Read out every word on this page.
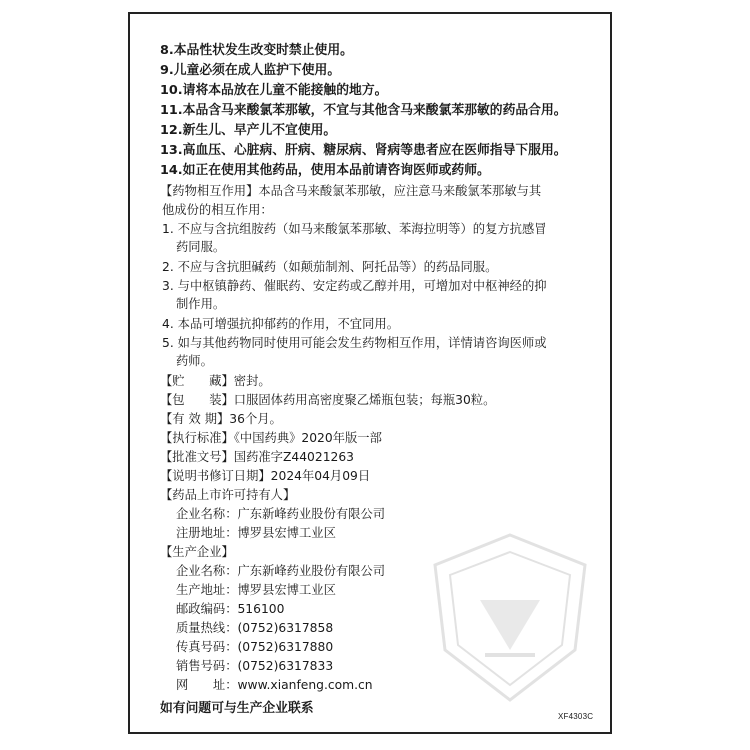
8.本品性状发生改变时禁止使用。
9.儿童必须在成人监护下使用。
10.请将本品放在儿童不能接触的地方。
11.本品含马来酸氯苯那敏，不宜与其他含马来酸氯苯那敏的药品合用。
12.新生儿、早产儿不宜使用。
13.高血压、心脏病、肝病、糖尿病、肾病等患者应在医师指导下服用。
14.如正在使用其他药品，使用本品前请咨询医师或药师。
【药物相互作用】本品含马来酸氯苯那敏，应注意马来酸氯苯那敏与其
他成份的相互作用：
1. 不应与含抗组胺药（如马来酸氯苯那敏、苯海拉明等）的复方抗感冒
药同服。
2. 不应与含抗胆碱药（如颠茄制剂、阿托品等）的药品同服。
3. 与中枢镇静药、催眠药、安定药或乙醇并用，可增加对中枢神经的抑
制作用。
4. 本品可增强抗抑郁药的作用，不宜同用。
5. 如与其他药物同时使用可能会发生药物相互作用，详情请咨询医师或
药师。
【贮　　藏】密封。
【包　　装】口服固体药用高密度聚乙烯瓶包装；每瓶30粒。
【有 效 期】36个月。
【执行标准】《中国药典》2020年版一部
【批准文号】国药准字Z44021263
【说明书修订日期】2024年04月09日
【药品上市许可持有人】
企业名称：广东新峰药业股份有限公司
注册地址：博罗县宏博工业区
【生产企业】
企业名称：广东新峰药业股份有限公司
生产地址：博罗县宏博工业区
邮政编码：516100
质量热线：(0752)6317858
传真号码：(0752)6317880
销售号码：(0752)6317833
网　　址：www.xianfeng.com.cn
如有问题可与生产企业联系
XF4303C
